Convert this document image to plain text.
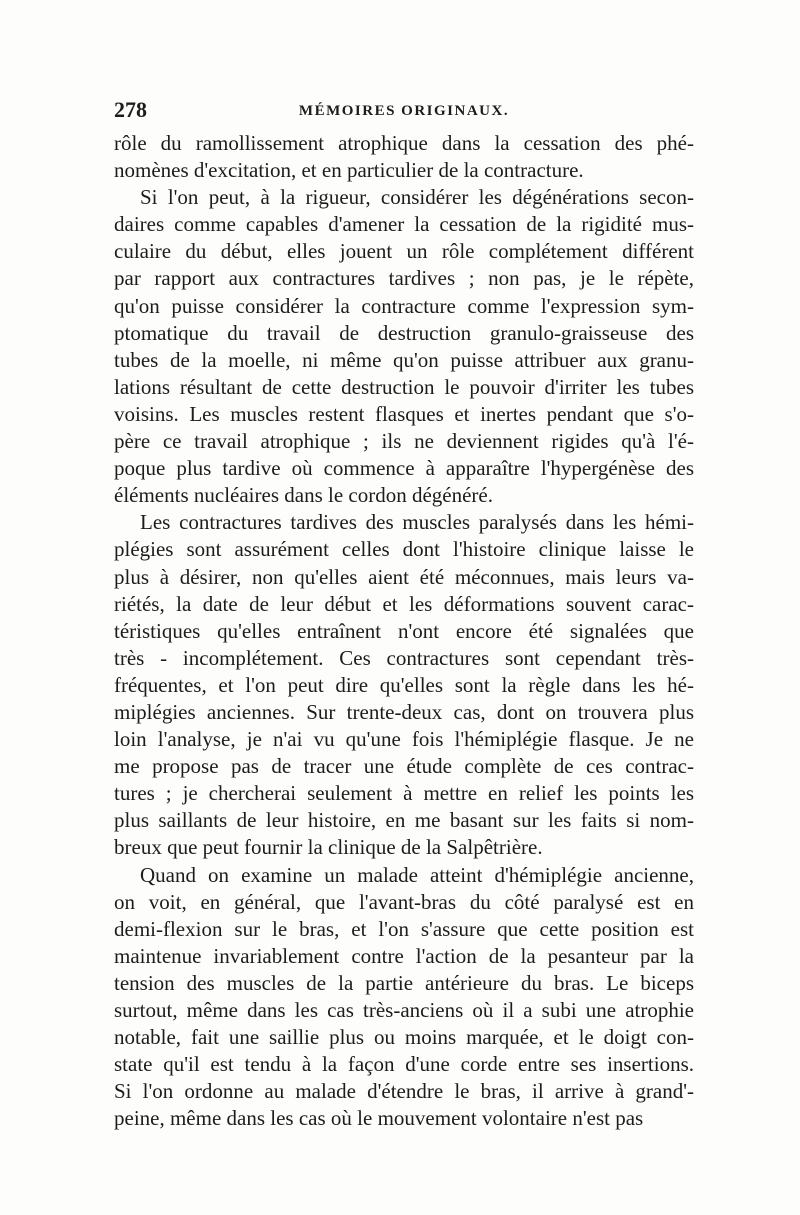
278	MÉMOIRES ORIGINAUX.
rôle du ramollissement atrophique dans la cessation des phé-
nomènes d'excitation, et en particulier de la contracture.
Si l'on peut, à la rigueur, considérer les dégénérations secon-
daires comme capables d'amener la cessation de la rigidité mus-
culaire du début, elles jouent un rôle complétement différent
par rapport aux contractures tardives ; non pas, je le répète,
qu'on puisse considérer la contracture comme l'expression sym-
ptomatique du travail de destruction granulo-graisseuse des
tubes de la moelle, ni même qu'on puisse attribuer aux granu-
lations résultant de cette destruction le pouvoir d'irriter les tubes
voisins. Les muscles restent flasques et inertes pendant que s'o-
père ce travail atrophique ; ils ne deviennent rigides qu'à l'é-
poque plus tardive où commence à apparaître l'hypergénèse des
éléments nucléaires dans le cordon dégénéré.
Les contractures tardives des muscles paralysés dans les hémi-
plégies sont assurément celles dont l'histoire clinique laisse le
plus à désirer, non qu'elles aient été méconnues, mais leurs va-
riétés, la date de leur début et les déformations souvent carac-
téristiques qu'elles entraînent n'ont encore été signalées que
très - incomplétement. Ces contractures sont cependant très-
fréquentes, et l'on peut dire qu'elles sont la règle dans les hé-
miplégies anciennes. Sur trente-deux cas, dont on trouvera plus
loin l'analyse, je n'ai vu qu'une fois l'hémiplégie flasque. Je ne
me propose pas de tracer une étude complète de ces contrac-
tures ; je chercherai seulement à mettre en relief les points les
plus saillants de leur histoire, en me basant sur les faits si nom-
breux que peut fournir la clinique de la Salpêtrière.
Quand on examine un malade atteint d'hémiplégie ancienne,
on voit, en général, que l'avant-bras du côté paralysé est en
demi-flexion sur le bras, et l'on s'assure que cette position est
maintenue invariablement contre l'action de la pesanteur par la
tension des muscles de la partie antérieure du bras. Le biceps
surtout, même dans les cas très-anciens où il a subi une atrophie
notable, fait une saillie plus ou moins marquée, et le doigt con-
state qu'il est tendu à la façon d'une corde entre ses insertions.
Si l'on ordonne au malade d'étendre le bras, il arrive à grand'-
peine, même dans les cas où le mouvement volontaire n'est pas
